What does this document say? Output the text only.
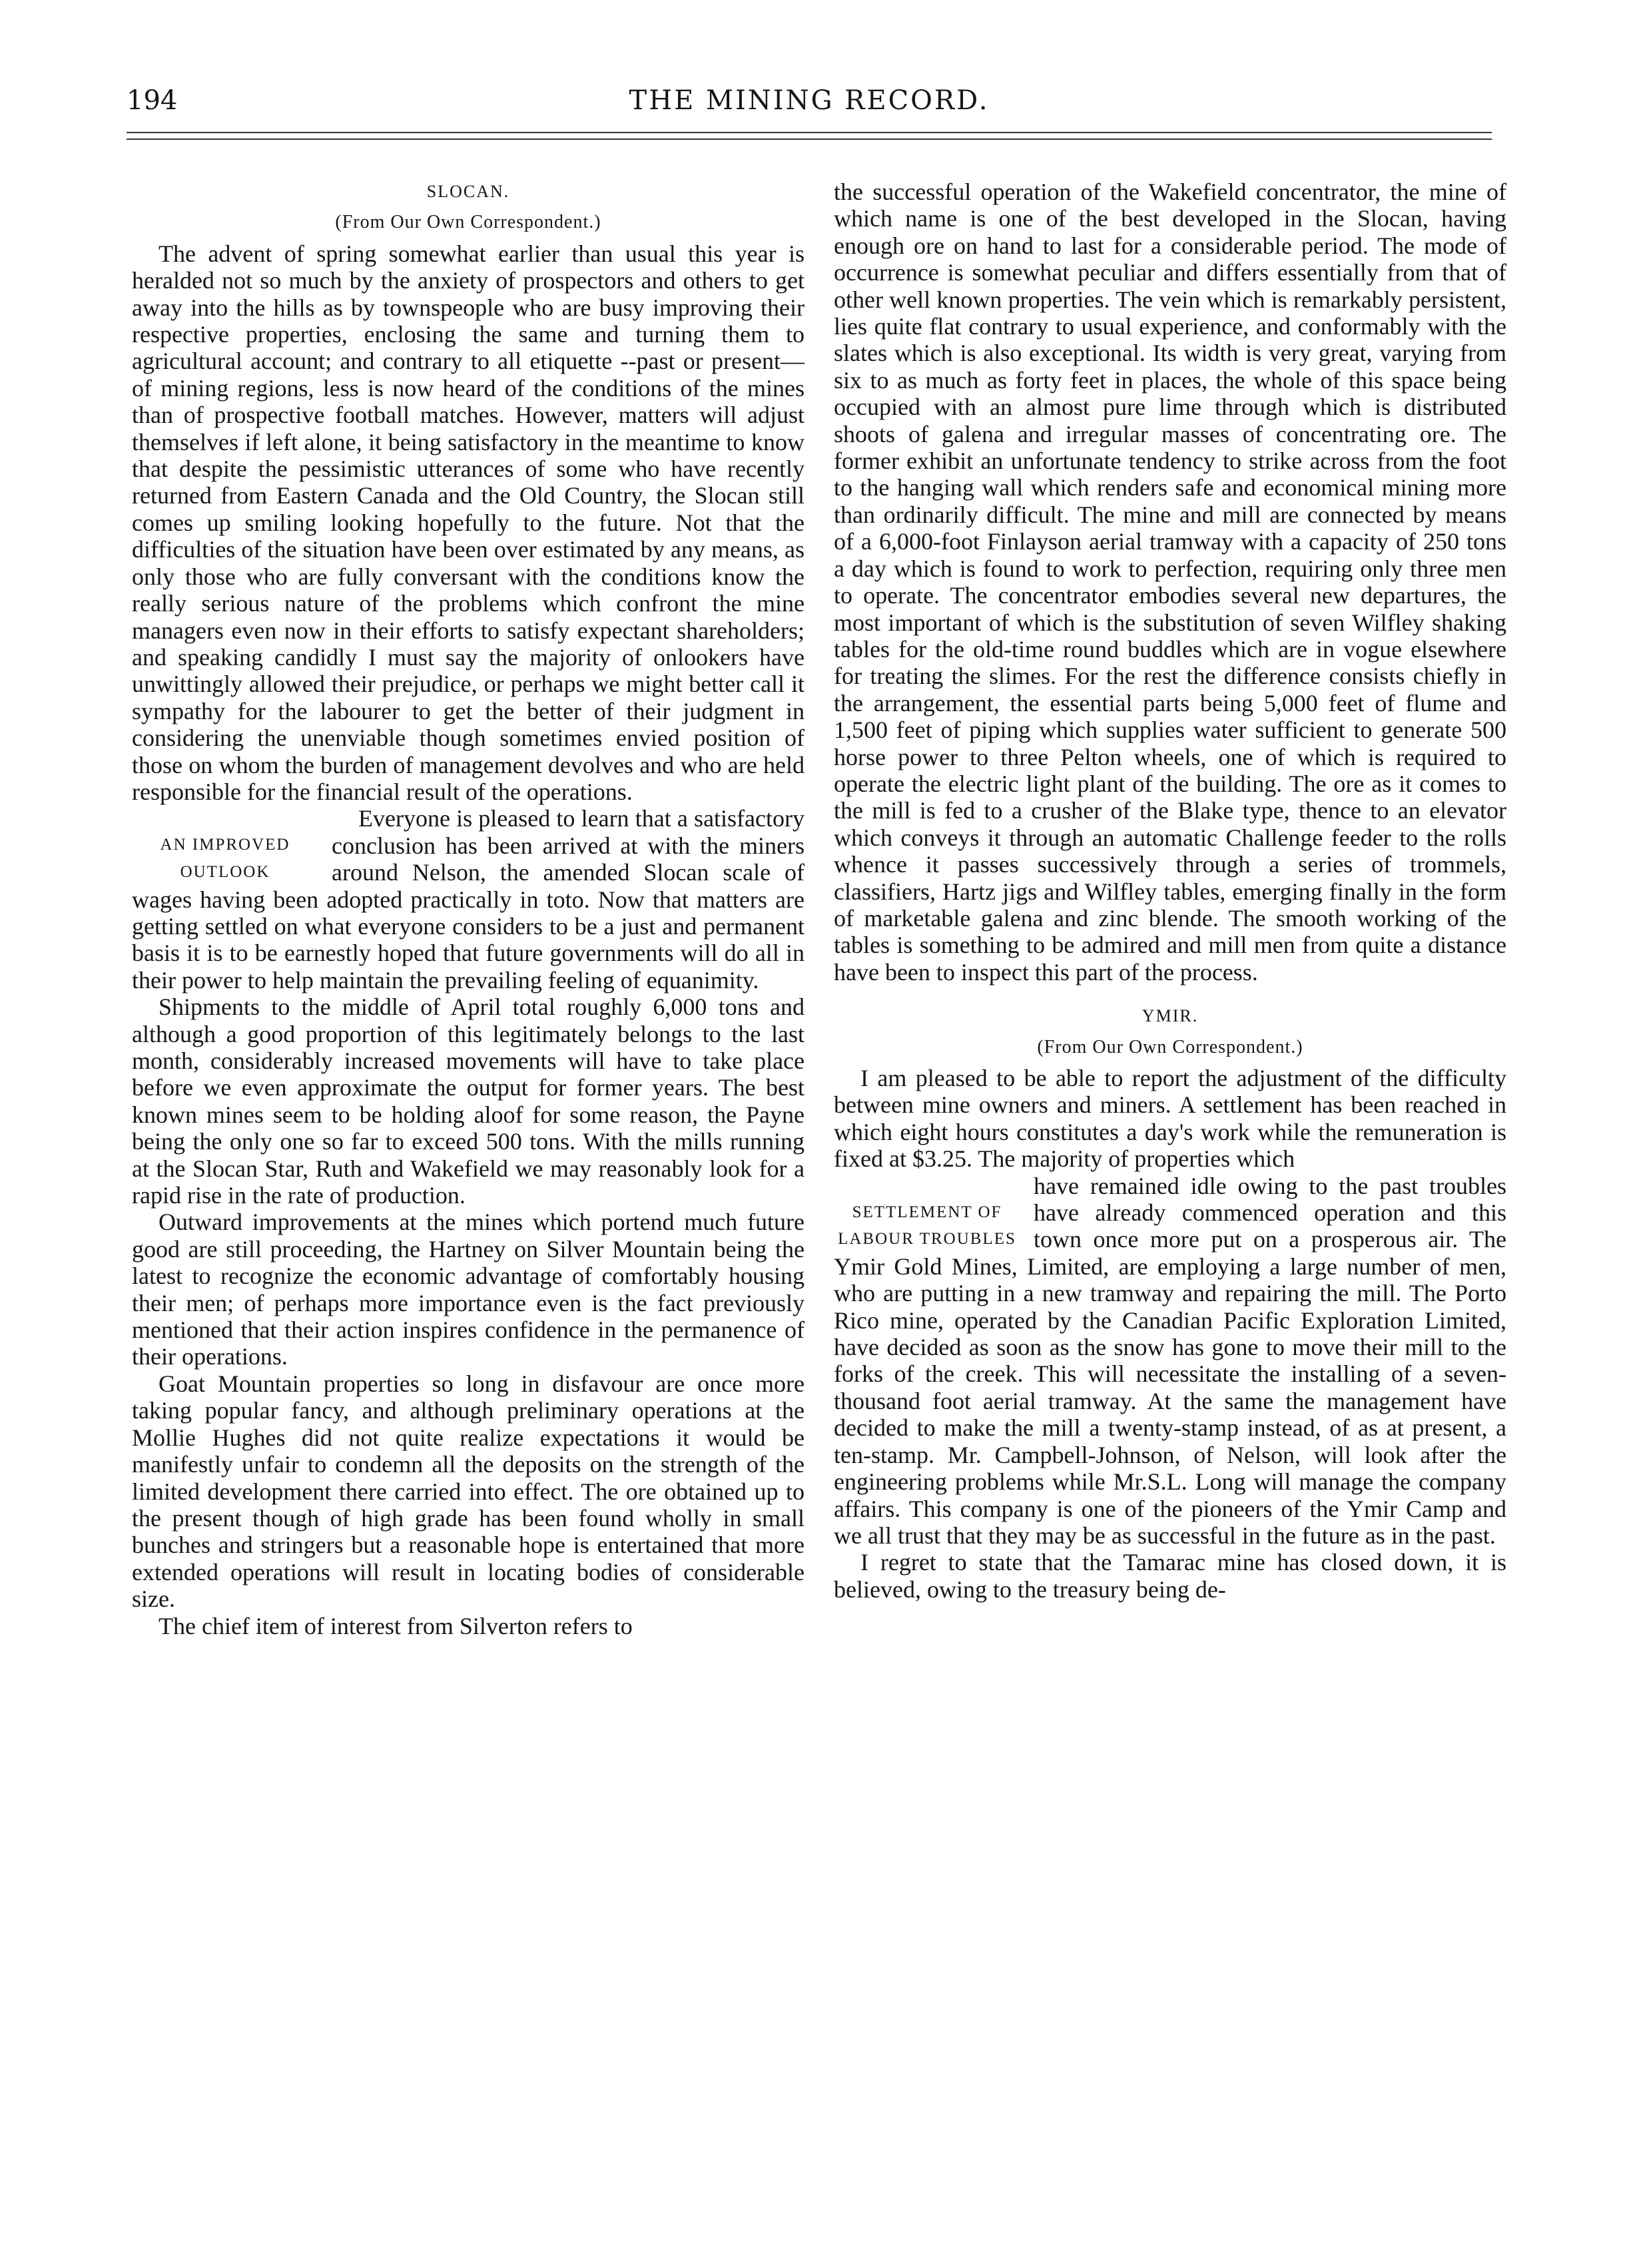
194	THE MINING RECORD.
SLOCAN.
(From Our Own Correspondent.)

The advent of spring somewhat earlier than usual this year is heralded not so much by the anxiety of prospectors and others to get away into the hills as by townspeople who are busy improving their respective properties, enclosing the same and turning them to agricultural account; and contrary to all etiquette --past or present—of mining regions, less is now heard of the conditions of the mines than of prospective football matches. However, matters will adjust themselves if left alone, it being satisfactory in the meantime to know that despite the pessimistic utterances of some who have recently returned from Eastern Canada and the Old Country, the Slocan still comes up smiling looking hopefully to the future. Not that the difficulties of the situation have been over estimated by any means, as only those who are fully conversant with the conditions know the really serious nature of the problems which confront the mine managers even now in their efforts to satisfy expectant shareholders; and speaking candidly I must say the majority of onlookers have unwittingly allowed their prejudice, or perhaps we might better call it sympathy for the labourer to get the better of their judgment in considering the unenviable though sometimes envied position of those on whom the burden of management devolves and who are held responsible for the financial result of the operations.

AN IMPROVED OUTLOOK

Everyone is pleased to learn that a satisfactory conclusion has been arrived at with the miners around Nelson, the amended Slocan scale of wages having been adopted practically in toto. Now that matters are getting settled on what everyone considers to be a just and permanent basis it is to be earnestly hoped that future governments will do all in their power to help maintain the prevailing feeling of equanimity.

Shipments to the middle of April total roughly 6,000 tons and although a good proportion of this legitimately belongs to the last month, considerably increased movements will have to take place before we even approximate the output for former years. The best known mines seem to be holding aloof for some reason, the Payne being the only one so far to exceed 500 tons. With the mills running at the Slocan Star, Ruth and Wakefield we may reasonably look for a rapid rise in the rate of production.

Outward improvements at the mines which portend much future good are still proceeding, the Hartney on Silver Mountain being the latest to recognize the economic advantage of comfortably housing their men; of perhaps more importance even is the fact previously mentioned that their action inspires confidence in the permanence of their operations.

Goat Mountain properties so long in disfavour are once more taking popular fancy, and although preliminary operations at the Mollie Hughes did not quite realize expectations it would be manifestly unfair to condemn all the deposits on the strength of the limited development there carried into effect. The ore obtained up to the present though of high grade has been found wholly in small bunches and stringers but a reasonable hope is entertained that more extended operations will result in locating bodies of considerable size.

The chief item of interest from Silverton refers to

the successful operation of the Wakefield concentrator, the mine of which name is one of the best developed in the Slocan, having enough ore on hand to last for a considerable period. The mode of occurrence is somewhat peculiar and differs essentially from that of other well known properties. The vein which is remarkably persistent, lies quite flat contrary to usual experience, and conformably with the slates which is also exceptional. Its width is very great, varying from six to as much as forty feet in places, the whole of this space being occupied with an almost pure lime through which is distributed shoots of galena and irregular masses of concentrating ore. The former exhibit an unfortunate tendency to strike across from the foot to the hanging wall which renders safe and economical mining more than ordinarily difficult. The mine and mill are connected by means of a 6,000-foot Finlayson aerial tramway with a capacity of 250 tons a day which is found to work to perfection, requiring only three men to operate. The concentrator embodies several new departures, the most important of which is the substitution of seven Wilfley shaking tables for the old-time round buddles which are in vogue elsewhere for treating the slimes. For the rest the difference consists chiefly in the arrangement, the essential parts being 5,000 feet of flume and 1,500 feet of piping which supplies water sufficient to generate 500 horse power to three Pelton wheels, one of which is required to operate the electric light plant of the building. The ore as it comes to the mill is fed to a crusher of the Blake type, thence to an elevator which conveys it through an automatic Challenge feeder to the rolls whence it passes successively through a series of trommels, classifiers, Hartz jigs and Wilfley tables, emerging finally in the form of marketable galena and zinc blende. The smooth working of the tables is something to be admired and mill men from quite a distance have been to inspect this part of the process.

YMIR.
(From Our Own Correspondent.)

I am pleased to be able to report the adjustment of the difficulty between mine owners and miners. A settlement has been reached in which eight hours constitutes a day's work while the remuneration is fixed at $3.25. The majority of properties which

SETTLEMENT OF LABOUR TROUBLES

have remained idle owing to the past troubles have already commenced operation and this town once more put on a prosperous air. The Ymir Gold Mines, Limited, are employing a large number of men, who are putting in a new tramway and repairing the mill. The Porto Rico mine, operated by the Canadian Pacific Exploration Limited, have decided as soon as the snow has gone to move their mill to the forks of the creek. This will necessitate the installing of a seven-thousand foot aerial tramway. At the same the management have decided to make the mill a twenty-stamp instead, of as at present, a ten-stamp. Mr. Campbell-Johnson, of Nelson, will look after the engineering problems while Mr.S.L. Long will manage the company affairs. This company is one of the pioneers of the Ymir Camp and we all trust that they may be as successful in the future as in the past.

I regret to state that the Tamarac mine has closed down, it is believed, owing to the treasury being de-
